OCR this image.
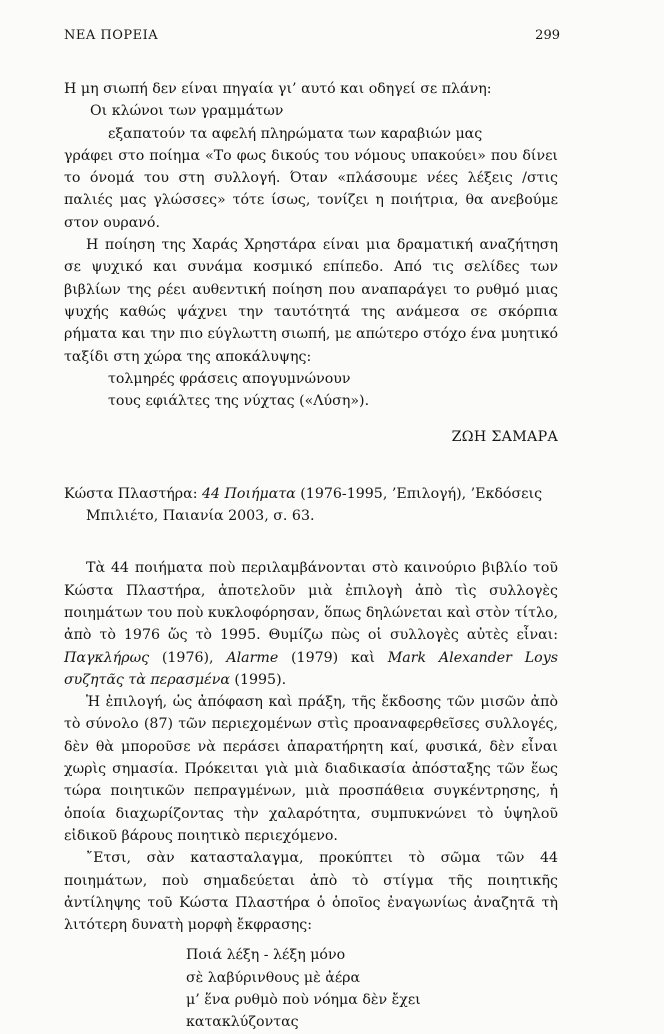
ΝΕΑ ΠΟΡΕΙΑ	299

Η μη σιωπή δεν είναι πηγαία γι’ αυτό και οδηγεί σε πλάνη:

Οι κλώνοι των γραμμάτων
εξαπατούν τα αφελή πληρώματα των καραβιών μας

γράφει στο ποίημα «Το φως δικούς του νόμους υπακούει» που δίνει το όνομά του στη συλλογή. Όταν «πλάσουμε νέες λέξεις /στις παλιές μας γλώσσες» τότε ίσως, τονίζει η ποιήτρια, θα ανεβούμε στον ουρανό.

Η ποίηση της Χαράς Χρηστάρα είναι μια δραματική αναζήτηση σε ψυχικό και συνάμα κοσμικό επίπεδο. Από τις σελίδες των βιβλίων της ρέει αυθεντική ποίηση που αναπαράγει το ρυθμό μιας ψυχής καθώς ψάχνει την ταυτότητά της ανάμεσα σε σκόρπια ρήματα και την πιο εύγλωττη σιωπή, με απώτερο στόχο ένα μυητικό ταξίδι στη χώρα της αποκάλυψης:

τολμηρές φράσεις απογυμνώνουν
τους εφιάλτες της νύχτας («Λύση»).
ΖΩΗ ΣΑΜΑΡΑ
Κώστα Πλαστήρα: 44 Ποιήματα (1976-1995, ’Επιλογή), ’Εκδόσεις
Μπιλιέτο, Παιανία 2003, σ. 63.

Τὰ 44 ποιήματα ποὺ περιλαμβάνονται στὸ καινούριο βιβλίο τοῦ Κώστα Πλαστήρα, ἀποτελοῦν μιὰ ἐπιλογὴ ἀπὸ τὶς συλλογὲς ποιημάτων του ποὺ κυκλοφόρησαν, ὅπως δηλώνεται καὶ στὸν τίτλο, ἀπὸ τὸ 1976 ὥς τὸ 1995. Θυμίζω πὼς οἱ συλλογὲς αὐτὲς εἶναι: Παγκλήρως (1976), Alarme (1979) καὶ Mark Alexander Loys συζητᾶς τὰ περασμένα (1995).

Ἡ ἐπιλογή, ὡς ἀπόφαση καὶ πράξη, τῆς ἔκδοσης τῶν μισῶν ἀπὸ τὸ σύνολο (87) τῶν περιεχομένων στὶς προαναφερθεῖσες συλλογές, δὲν θὰ μποροῦσε νὰ περάσει ἀπαρατήρητη καί, φυσικά, δὲν εἶναι χωρὶς σημασία. Πρόκειται γιὰ μιὰ διαδικασία ἀπόσταξης τῶν ἕως τώρα ποιητικῶν πεπραγμένων, μιὰ προσπάθεια συγκέντρησης, ἡ ὁποία διαχωρίζοντας τὴν χαλαρότητα, συμπυκνώνει τὸ ὑψηλοῦ εἰδικοῦ βάρους ποιητικὸ περιεχόμενο.

῎Ετσι, σὰν κατασταλαγμα, προκύπτει τὸ σῶμα τῶν 44 ποιημάτων, ποὺ σημαδεύεται ἀπὸ τὸ στίγμα τῆς ποιητικῆς ἀντίληψης τοῦ Κώστα Πλαστήρα ὁ ὁποῖος ἐναγωνίως ἀναζητᾶ τὴ λιτότερη δυνατὴ μορφὴ ἔκφρασης:

Ποιά λέξη - λέξη μόνο
σὲ λαβύρινθους μὲ ἀέρα
μ’ ἕνα ρυθμὸ ποὺ νόημα δὲν ἔχει
κατακλύζοντας
